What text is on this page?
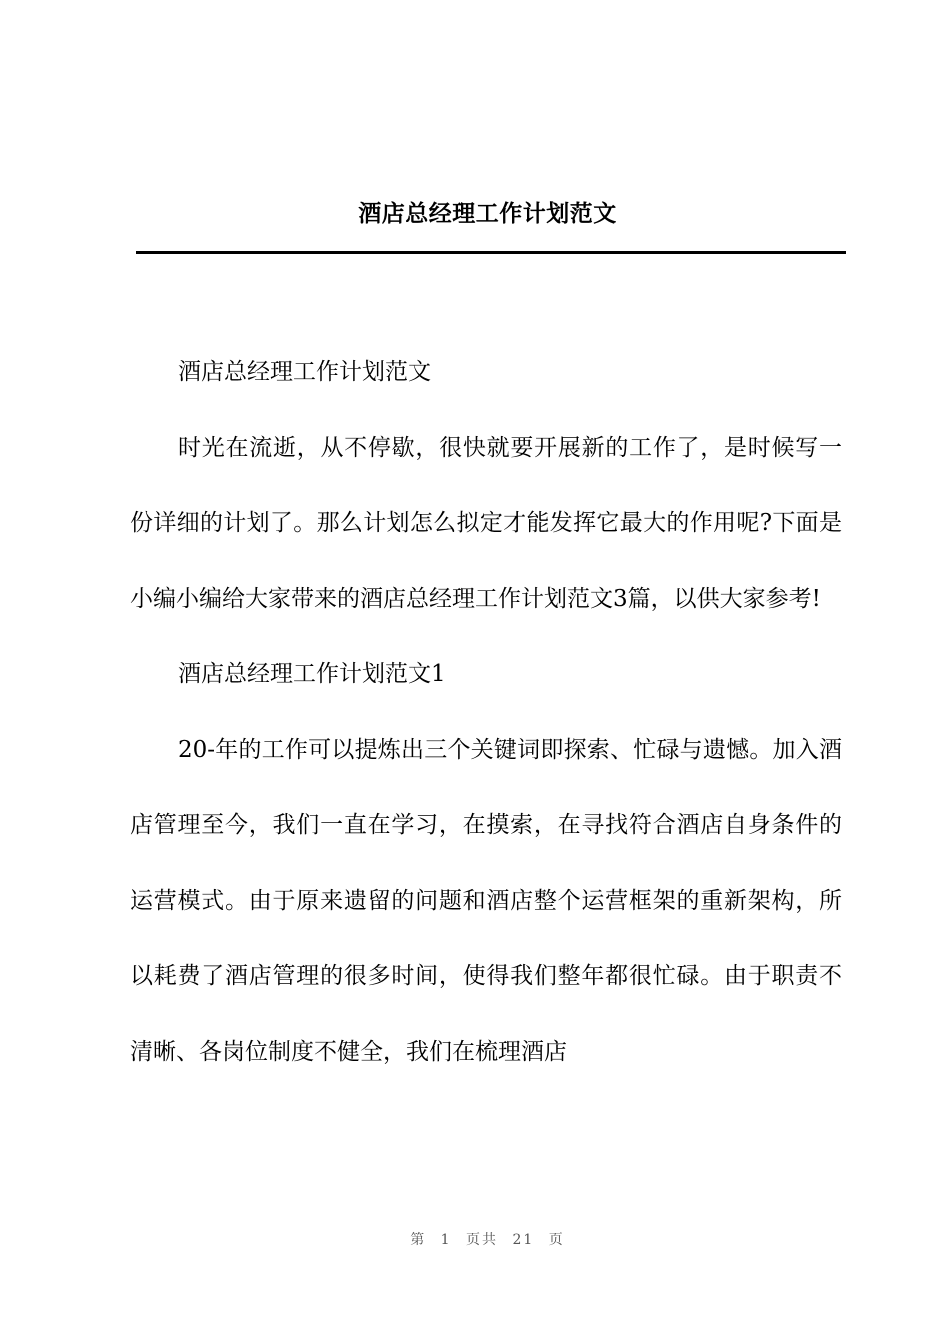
酒店总经理工作计划范文

酒店总经理工作计划范文

时光在流逝，从不停歇，很快就要开展新的工作了，是时候写一份详细的计划了。那么计划怎么拟定才能发挥它最大的作用呢?下面是小编小编给大家带来的酒店总经理工作计划范文3篇，以供大家参考!

酒店总经理工作计划范文1

20-年的工作可以提炼出三个关键词即探索、忙碌与遗憾。加入酒店管理至今，我们一直在学习，在摸索，在寻找符合酒店自身条件的运营模式。由于原来遗留的问题和酒店整个运营框架的重新架构，所以耗费了酒店管理的很多时间，使得我们整年都很忙碌。由于职责不清晰、各岗位制度不健全，我们在梳理酒店

第 1 页共 21 页
